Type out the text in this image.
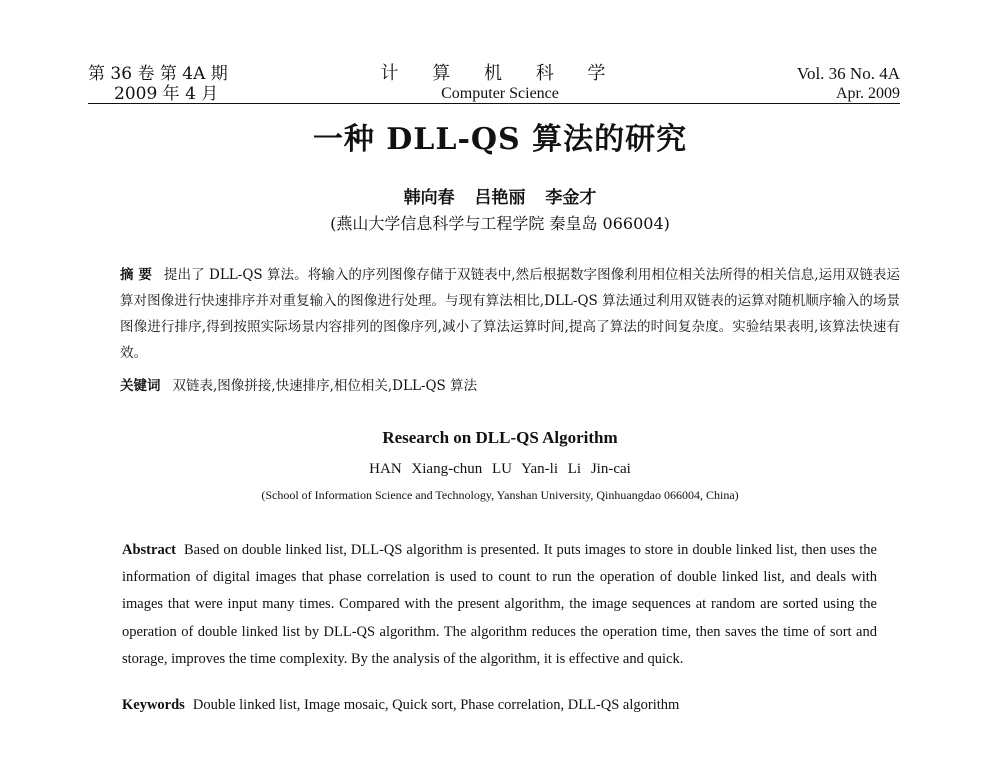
第 36 卷 第 4A 期
2009 年 4 月
计 算 机 科 学
Computer Science
Vol. 36 No. 4A
Apr. 2009
一种 DLL-QS 算法的研究
韩向春 吕艳丽 李金才
(燕山大学信息科学与工程学院 秦皇岛 066004)

摘 要 提出了 DLL-QS 算法。将输入的序列图像存储于双链表中,然后根据数字图像利用相位相关法所得的相关信息,运用双链表运算对图像进行快速排序并对重复输入的图像进行处理。与现有算法相比,DLL-QS 算法通过利用双链表的运算对随机顺序输入的场景图像进行排序,得到按照实际场景内容排列的图像序列,减小了算法运算时间,提高了算法的时间复杂度。实验结果表明,该算法快速有效。

关键词 双链表,图像拼接,快速排序,相位相关,DLL-QS 算法
Research on DLL-QS Algorithm
HAN Xiang-chun LU Yan-li Li Jin-cai
(School of Information Science and Technology, Yanshan University, Qinhuangdao 066004, China)

Abstract Based on double linked list, DLL-QS algorithm is presented. It puts images to store in double linked list, then uses the information of digital images that phase correlation is used to count to run the operation of double linked list, and deals with images that were input many times. Compared with the present algorithm, the image sequences at random are sorted using the operation of double linked list by DLL-QS algorithm. The algorithm reduces the operation time, then saves the time of sort and storage, improves the time complexity. By the analysis of the algorithm, it is effective and quick.

Keywords Double linked list, Image mosaic, Quick sort, Phase correlation, DLL-QS algorithm
